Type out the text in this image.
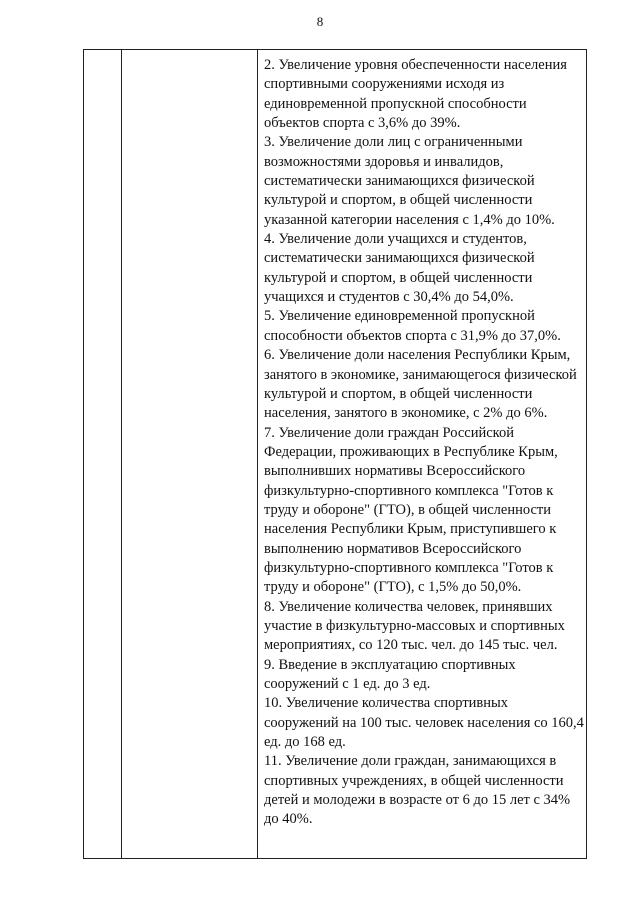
8
2. Увеличение уровня обеспеченности населения
спортивными сооружениями исходя из
единовременной пропускной способности
объектов спорта с 3,6% до 39%.
3. Увеличение доли лиц с ограниченными
возможностями здоровья и инвалидов,
систематически занимающихся физической
культурой и спортом, в общей численности
указанной категории населения с 1,4% до 10%.
4. Увеличение доли учащихся и студентов,
систематически занимающихся физической
культурой и спортом, в общей численности
учащихся и студентов с 30,4% до 54,0%.
5. Увеличение единовременной пропускной
способности объектов спорта с 31,9% до 37,0%.
6. Увеличение доли населения Республики Крым,
занятого в экономике, занимающегося физической
культурой и спортом, в общей численности
населения, занятого в экономике, с 2% до 6%.
7. Увеличение доли граждан Российской
Федерации, проживающих в Республике Крым,
выполнивших нормативы Всероссийского
физкультурно-спортивного комплекса "Готов к
труду и обороне" (ГТО), в общей численности
населения Республики Крым, приступившего к
выполнению нормативов Всероссийского
физкультурно-спортивного комплекса "Готов к
труду и обороне" (ГТО), с 1,5% до 50,0%.
8. Увеличение количества человек, принявших
участие в физкультурно-массовых и спортивных
мероприятиях, со 120 тыс. чел. до 145 тыс. чел.
9. Введение в эксплуатацию спортивных
сооружений с 1 ед. до 3 ед.
10. Увеличение количества спортивных
сооружений на 100 тыс. человек населения со 160,4
ед. до 168 ед.
11. Увеличение доли граждан, занимающихся в
спортивных учреждениях, в общей численности
детей и молодежи в возрасте от 6 до 15 лет с 34%
до 40%.
